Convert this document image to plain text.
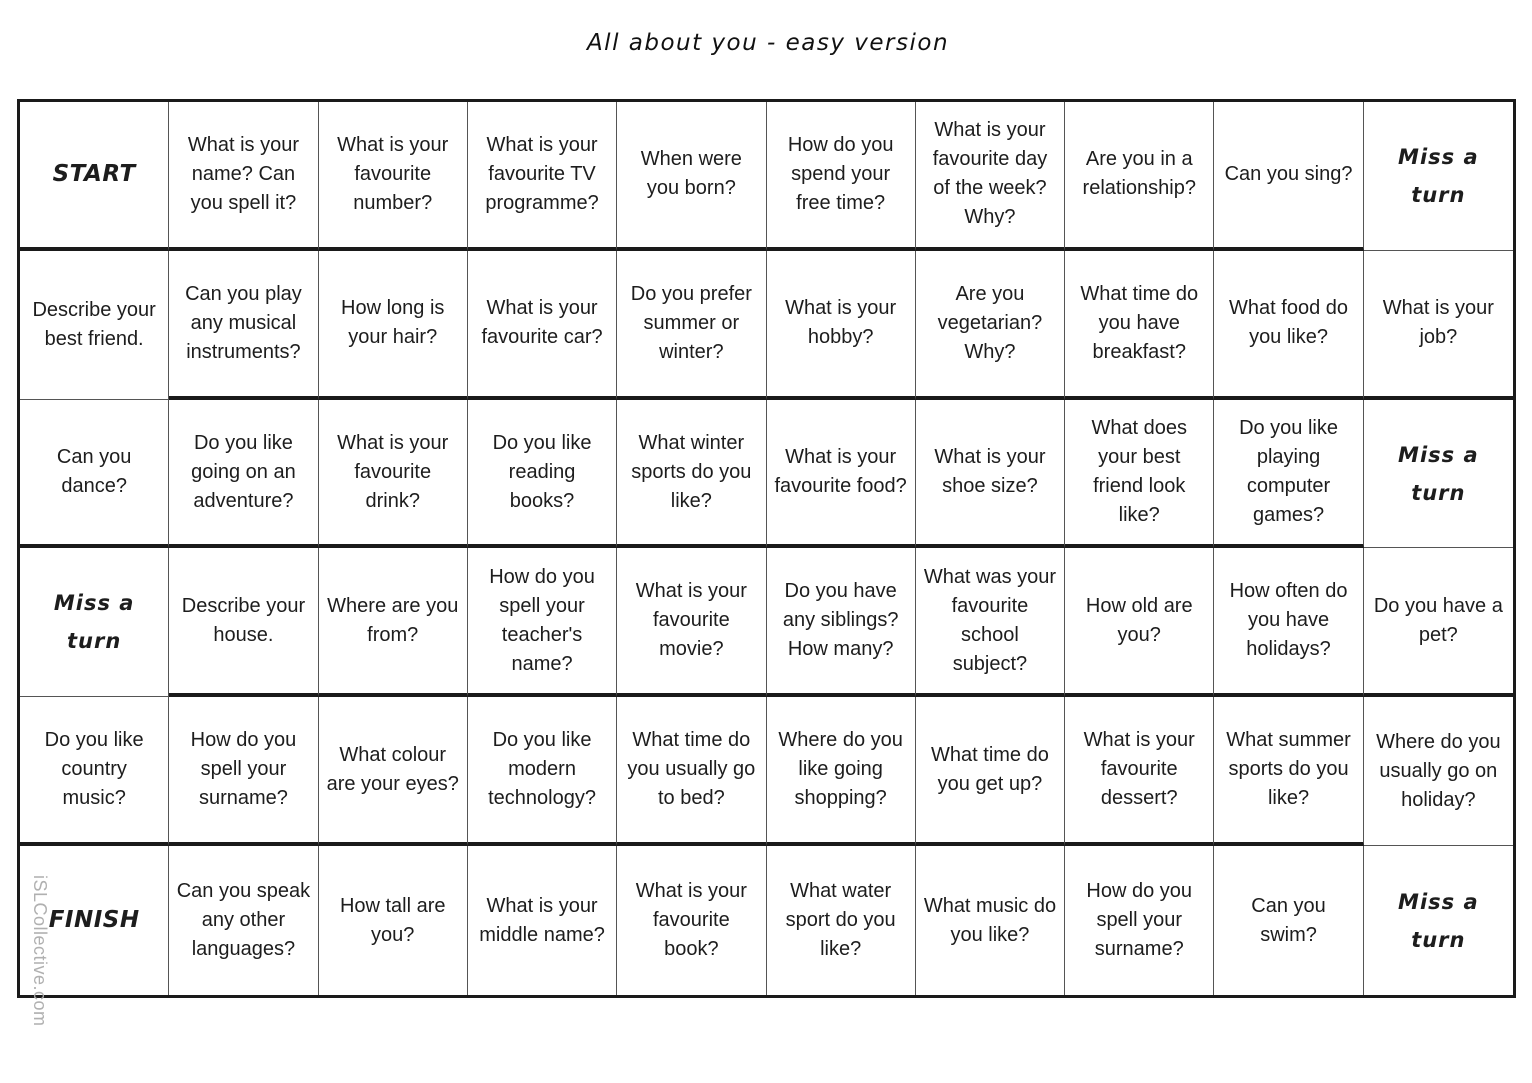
All about you - easy version
START
What is your name? Can you spell it?
What is your favourite number?
What is your favourite TV programme?
When were you born?
How do you spend your free time?
What is your favourite day of the week? Why?
Are you in a relationship?
Can you sing?
Miss a turn
Describe your best friend.
Can you play any musical instruments?
How long is your hair?
What is your favourite car?
Do you prefer summer or winter?
What is your hobby?
Are you vegetarian? Why?
What time do you have breakfast?
What food do you like?
What is your job?
Can you dance?
Do you like going on an adventure?
What is your favourite drink?
Do you like reading books?
What winter sports do you like?
What is your favourite food?
What is your shoe size?
What does your best friend look like?
Do you like playing computer games?
Miss a turn
Miss a turn
Describe your house.
Where are you from?
How do you spell your teacher's name?
What is your favourite movie?
Do you have any siblings? How many?
What was your favourite school subject?
How old are you?
How often do you have holidays?
Do you have a pet?
Do you like country music?
How do you spell your surname?
What colour are your eyes?
Do you like modern technology?
What time do you usually go to bed?
Where do you like going shopping?
What time do you get up?
What is your favourite dessert?
What summer sports do you like?
Where do you usually go on holiday?
FINISH
Can you speak any other languages?
How tall are you?
What is your middle name?
What is your favourite book?
What water sport do you like?
What music do you like?
How do you spell your surname?
Can you swim?
Miss a turn
iSLCollective.com
